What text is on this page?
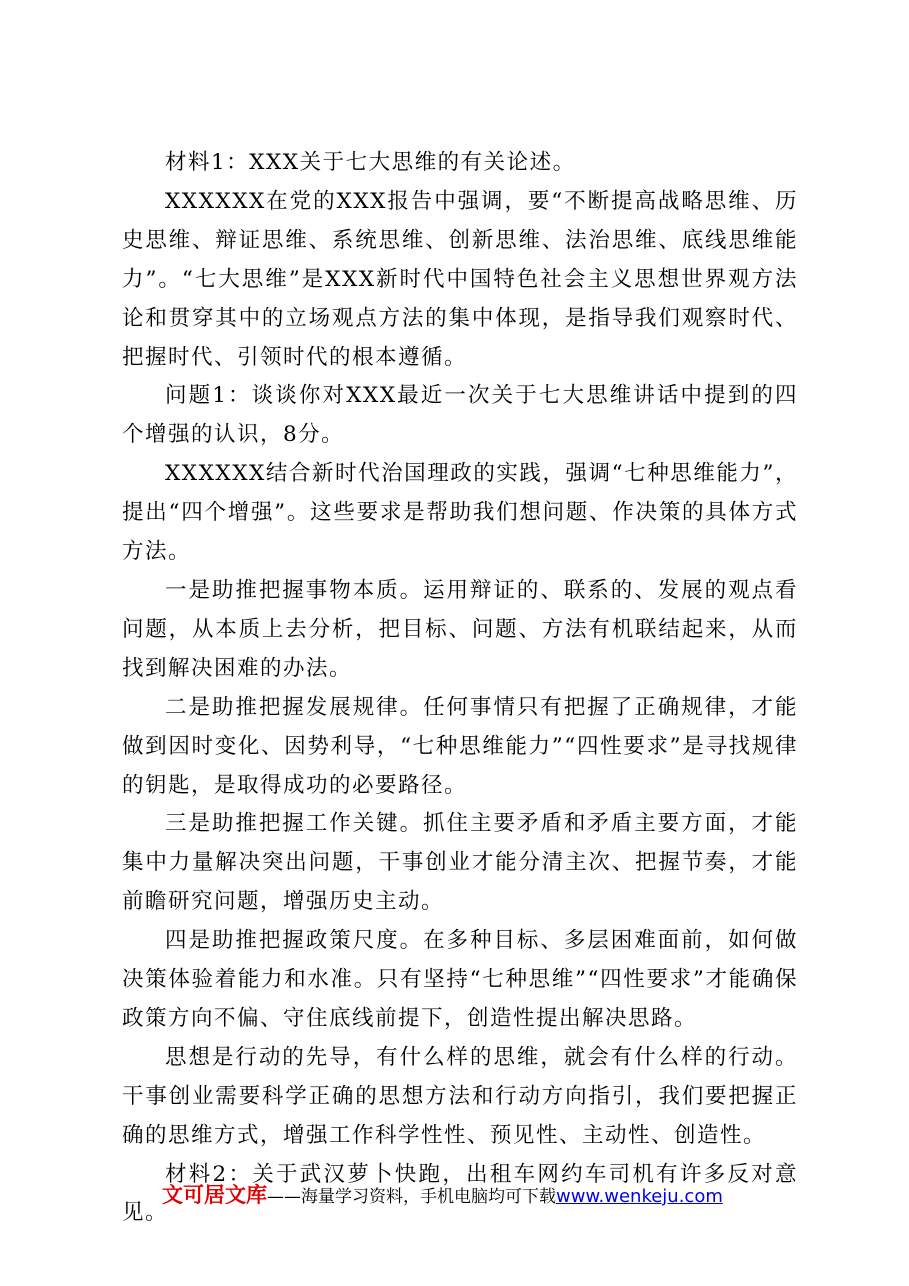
材料1：XXX关于七大思维的有关论述。

XXXXXX在党的XXX报告中强调，要“不断提高战略思维、历史思维、辩证思维、系统思维、创新思维、法治思维、底线思维能力”。“七大思维”是XXX新时代中国特色社会主义思想世界观方法论和贯穿其中的立场观点方法的集中体现，是指导我们观察时代、把握时代、引领时代的根本遵循。

问题1：谈谈你对XXX最近一次关于七大思维讲话中提到的四个增强的认识，8分。

XXXXXX结合新时代治国理政的实践，强调“七种思维能力”，提出“四个增强”。这些要求是帮助我们想问题、作决策的具体方式方法。

一是助推把握事物本质。运用辩证的、联系的、发展的观点看问题，从本质上去分析，把目标、问题、方法有机联结起来，从而找到解决困难的办法。

二是助推把握发展规律。任何事情只有把握了正确规律，才能做到因时变化、因势利导，“七种思维能力”“四性要求”是寻找规律的钥匙，是取得成功的必要路径。

三是助推把握工作关键。抓住主要矛盾和矛盾主要方面，才能集中力量解决突出问题，干事创业才能分清主次、把握节奏，才能前瞻研究问题，增强历史主动。

四是助推把握政策尺度。在多种目标、多层困难面前，如何做决策体验着能力和水准。只有坚持“七种思维”“四性要求”才能确保政策方向不偏、守住底线前提下，创造性提出解决思路。

思想是行动的先导，有什么样的思维，就会有什么样的行动。干事创业需要科学正确的思想方法和行动方向指引，我们要把握正确的思维方式，增强工作科学性性、预见性、主动性、创造性。

材料2：关于武汉萝卜快跑，出租车网约车司机有许多反对意见。

文可居文库——海量学习资料，手机电脑均可下载www.wenkeju.com
